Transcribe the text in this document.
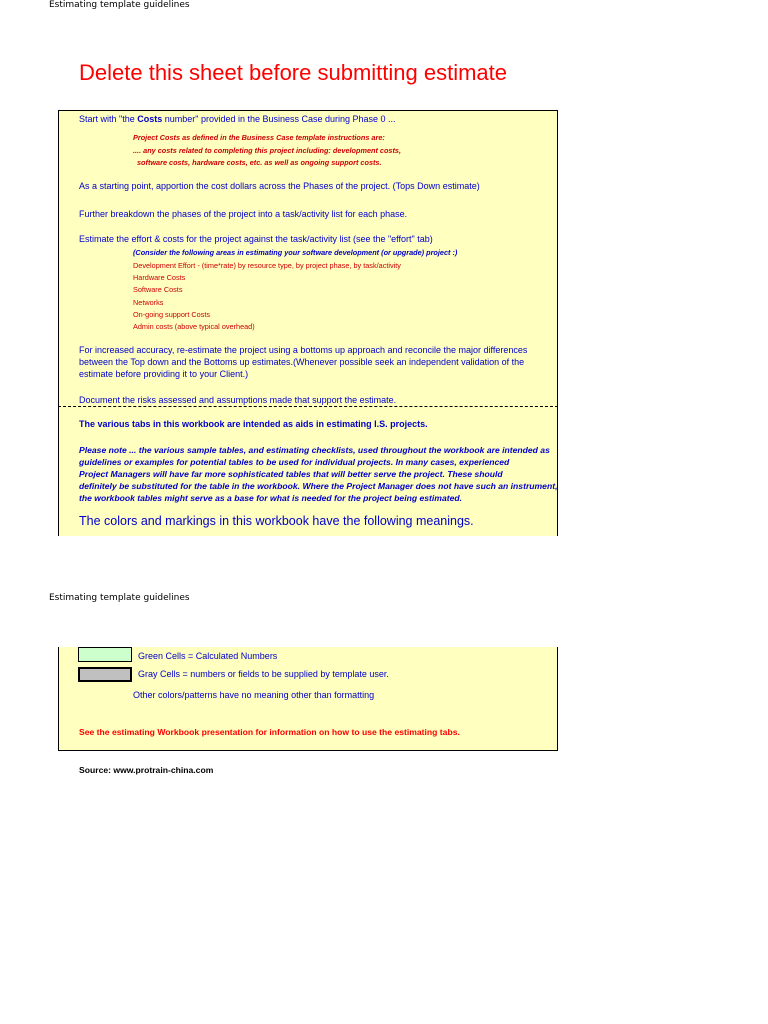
Estimating template guidelines
Delete this sheet before submitting estimate
Start with "the Costs number" provided in the Business Case during Phase 0 ...
Project Costs as defined in the Business Case template instructions are:
.... any costs related to completing this project including: development costs,
software costs, hardware costs, etc. as well as ongoing support costs.
As a starting point, apportion the cost dollars across the Phases of the project. (Tops Down estimate)
Further breakdown the phases of the project into a task/activity list for each phase.
Estimate the effort & costs for the project against the task/activity list (see the "effort" tab)
(Consider the following areas in estimating your software development (or upgrade) project :)
Development Effort - (time*rate) by resource type, by project phase, by task/activity
Hardware Costs
Software Costs
Networks
On-going support Costs
Admin costs (above typical overhead)
For increased accuracy, re-estimate the project using a bottoms up approach and reconcile the major differences
between the Top down and the Bottoms up estimates.(Whenever possible seek an independent validation of the
estimate before providing it to your Client.)
Document the risks assessed and assumptions made that support the estimate.
The various tabs in this workbook are intended as aids in estimating I.S. projects.
Please note ... the various sample tables, and estimating checklists, used throughout the workbook are intended as
guidelines or examples for potential tables to be used for individual projects. In many cases, experienced
Project Managers will have far more sophisticated tables that will better serve the project. These should
definitely be substituted for the table in the workbook. Where the Project Manager does not have such an instrument,
the workbook tables might serve as a base for what is needed for the project being estimated.
The colors and markings in this workbook have the following meanings.
Estimating template guidelines
Green Cells = Calculated Numbers
Gray Cells = numbers or fields to be supplied by template user.
Other colors/patterns have no meaning other than formatting
See the estimating Workbook presentation for information on how to use the estimating tabs.
Source: www.protrain-china.com
